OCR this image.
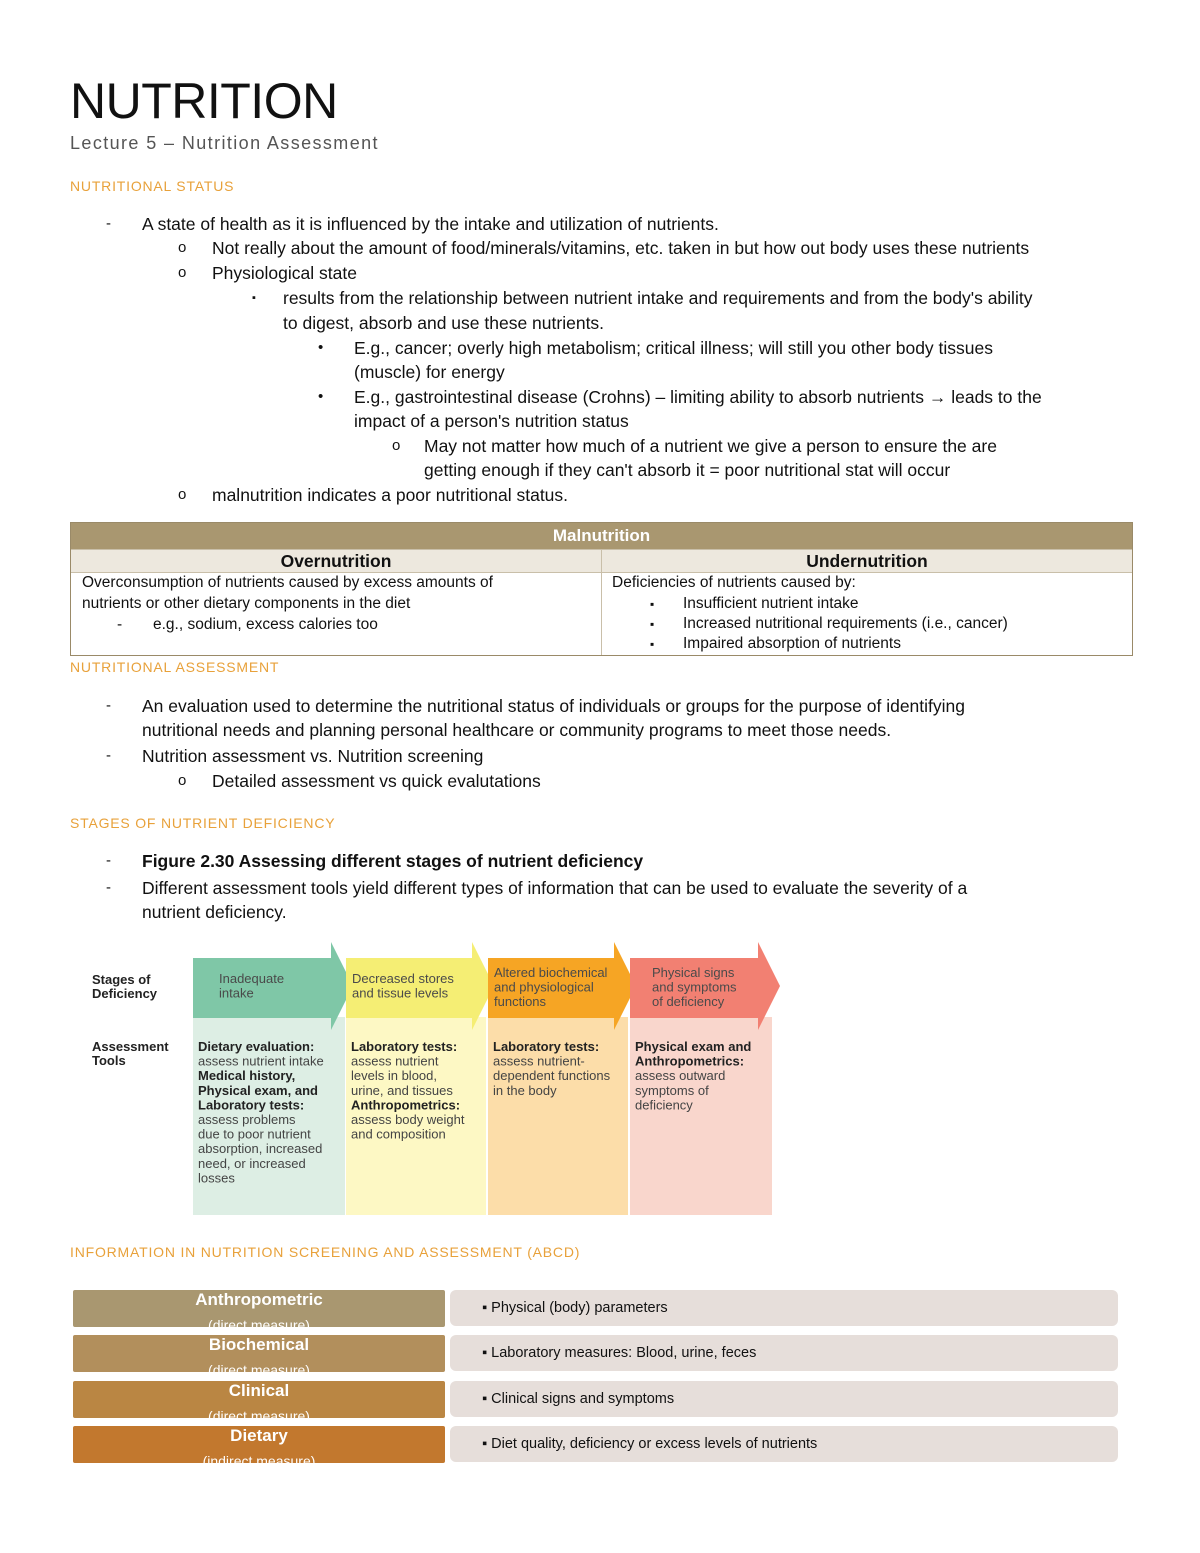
NUTRITION
Lecture 5 – Nutrition Assessment
NUTRITIONAL STATUS
- A state of health as it is influenced by the intake and utilization of nutrients.
o Not really about the amount of food/minerals/vitamins, etc. taken in but how out body uses these nutrients
o Physiological state
▪ results from the relationship between nutrient intake and requirements and from the body's ability
to digest, absorb and use these nutrients.
• E.g., cancer; overly high metabolism; critical illness; will still you other body tissues
(muscle) for energy
• E.g., gastrointestinal disease (Crohns) – limiting ability to absorb nutrients → leads to the
impact of a person's nutrition status
o May not matter how much of a nutrient we give a person to ensure the are
getting enough if they can't absorb it = poor nutritional stat will occur
o malnutrition indicates a poor nutritional status.
Malnutrition
Overnutrition	Undernutrition
Overconsumption of nutrients caused by excess amounts of
nutrients or other dietary components in the diet
- e.g., sodium, excess calories too
Deficiencies of nutrients caused by:
▪ Insufficient nutrient intake
▪ Increased nutritional requirements (i.e., cancer)
▪ Impaired absorption of nutrients
NUTRITIONAL ASSESSMENT
- An evaluation used to determine the nutritional status of individuals or groups for the purpose of identifying
nutritional needs and planning personal healthcare or community programs to meet those needs.
- Nutrition assessment vs. Nutrition screening
o Detailed assessment vs quick evalutations
STAGES OF NUTRIENT DEFICIENCY
- Figure 2.30 Assessing different stages of nutrient deficiency
- Different assessment tools yield different types of information that can be used to evaluate the severity of a
nutrient deficiency.
Stages of
Deficiency
Assessment
Tools
Inadequate
intake
Dietary evaluation:
assess nutrient intake
Medical history,
Physical exam, and
Laboratory tests:
assess problems
due to poor nutrient
absorption, increased
need, or increased
losses
Decreased stores
and tissue levels
Laboratory tests:
assess nutrient
levels in blood,
urine, and tissues
Anthropometrics:
assess body weight
and composition
Altered biochemical
and physiological
functions
Laboratory tests:
assess nutrient-
dependent functions
in the body
Physical signs
and symptoms
of deficiency
Physical exam and
Anthropometrics:
assess outward
symptoms of
deficiency
INFORMATION IN NUTRITION SCREENING AND ASSESSMENT (ABCD)
Anthropometric
(direct measure)
▪ Physical (body) parameters
Biochemical
(direct measure)
▪ Laboratory measures: Blood, urine, feces
Clinical
(direct measure)
▪ Clinical signs and symptoms
Dietary
(indirect measure)
▪ Diet quality, deficiency or excess levels of nutrients
